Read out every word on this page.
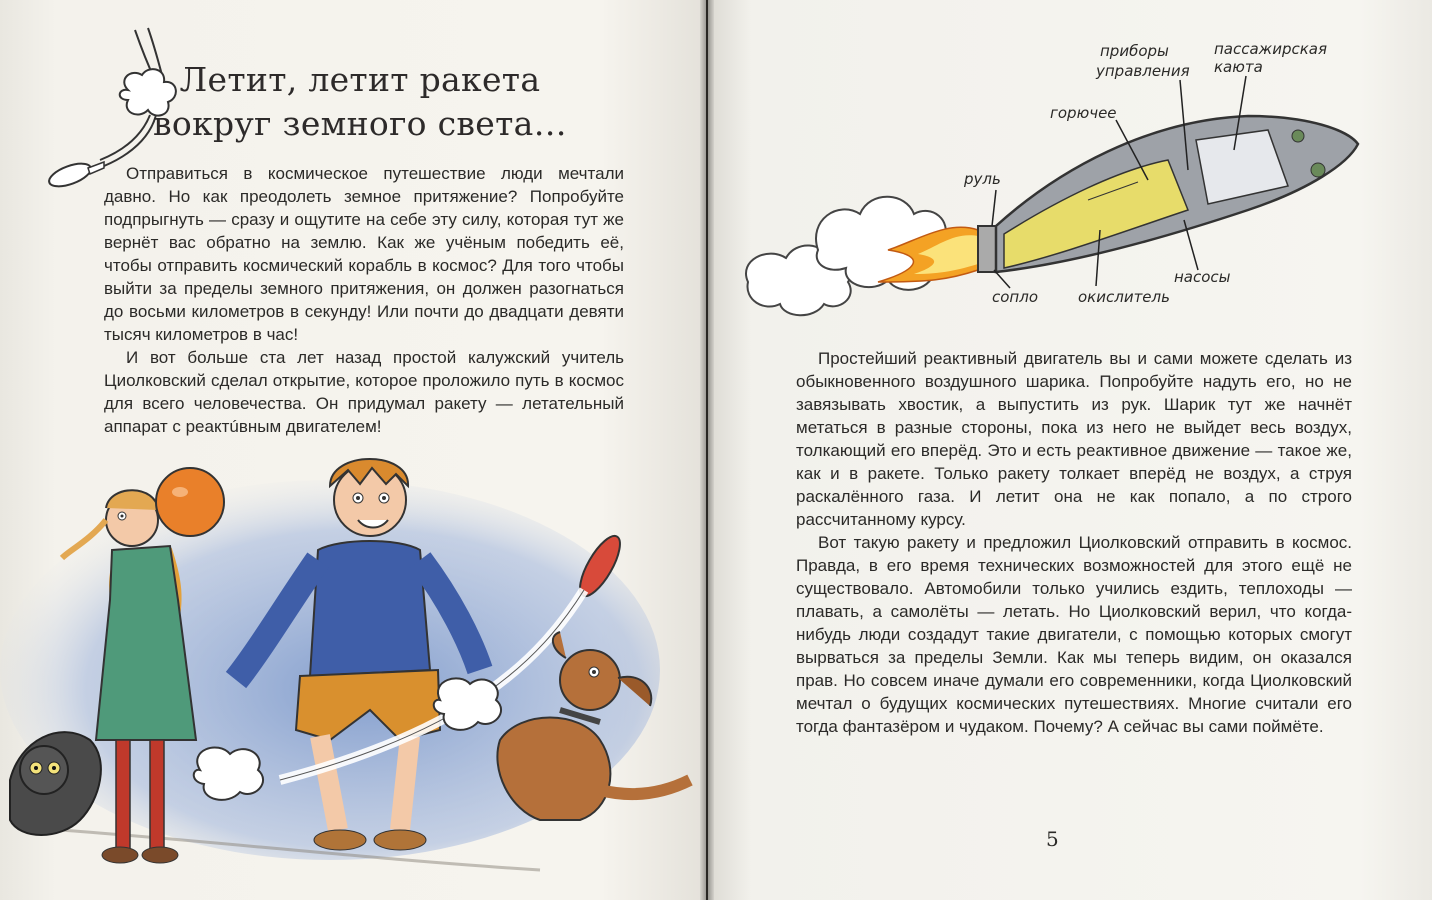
Летит, летит ракета
вокруг земного света…

Отправиться в космическое путешествие люди мечтали давно. Но как преодолеть земное притяжение? Попробуйте подпрыгнуть — сразу и ощутите на себе эту силу, которая тут же вернёт вас обратно на землю. Как же учёным победить её, чтобы отправить космический корабль в космос? Для того чтобы выйти за пределы земного притяжения, он должен разогнаться до восьми километров в секунду! Или почти до двадцати девяти тысяч километров в час!

И вот больше ста лет назад простой калужский учитель Циолковский сделал открытие, которое проложило путь в космос для всего человечества. Он придумал ракету — летательный аппарат с реактúвным двигателем!

приборы
управления
пассажирская
каюта
горючее
руль
сопло	окислитель
насосы

Простейший реактивный двигатель вы и сами можете сделать из обыкновенного воздушного шарика. Попробуйте надуть его, но не завязывать хвостик, а выпустить из рук. Шарик тут же начнёт метаться в разные стороны, пока из него не выйдет весь воздух, толкающий его вперёд. Это и есть реактивное движение — такое же, как и в ракете. Только ракету толкает вперёд не воздух, а струя раскалённого газа. И летит она не как попало, а по строго рассчитанному курсу.

Вот такую ракету и предложил Циолковский отправить в космос. Правда, в его время технических возможностей для этого ещё не существовало. Автомобили только учились ездить, теплоходы — плавать, а самолёты — летать. Но Циолковский верил, что когда-нибудь люди создадут такие двигатели, с помощью которых смогут вырваться за пределы Земли. Как мы теперь видим, он оказался прав. Но совсем иначе думали его современники, когда Циолковский мечтал о будущих космических путешествиях. Многие считали его тогда фантазёром и чудаком. Почему? А сейчас вы сами поймёте.

5
